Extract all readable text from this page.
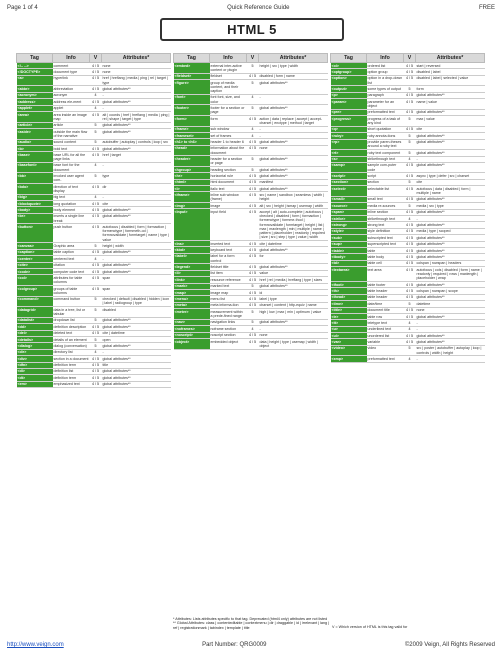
Page 1 of 4	Quick Reference Guide	FREE
HTML 5
Tag	Info	V	Attributes*
<!-- -->	comment	4 / 5	none
<!DOCTYPE>	document type	4 / 5	none
<a>	hyperlink	4 / 5	href | hreflang | media | ping | rel | target | type
<abbr>	abbreviation	4 / 5	global attributes**
<acronym>	acronym	4	-
<address>	address ele-ment	4 / 5	global attributes**
<applet>	applet	4	-
<area>	area inside an image map	4 / 5	alt | coords | href | hreflang | media | ping | rel | shape | target | type
<article>	article	5	global attributes**
<aside>	outside the main flow of the narrative	5	global attributes**
<audio>	sound content	5	autobuffer | autoplay | controls | loop | src
<b>	bold text	4 / 5	global attributes**
<base>	base URL for all the page links	4 / 5	href | target
<basefont>	base font for the document	4	-
<bb>	invoked user agent com-	5	type
<bdo>	direction of text display	4 / 5	dir
<big>	big text	4	-
<blockquote>	long quotation	4 / 5	cite
<body>	body element	4 / 5	global attributes**
<br>	inserts a single line break	4 / 5	global attributes**
<button>	push button	4 / 5	autofocus | disabled | form | formaction | formenctype | formmeth-od | formnovalidate | formtarget | name | type | value
<canvas>	Graphic area	5	height | width
<caption>	table caption	4 / 5	global attributes**
<center>	centered text	4	-
<cite>	citation	4 / 5	global attributes**
<code>	computer code text	4 / 5	global attributes**
<col>	attributes for table columns	4 / 5	span
<colgroup>	groups of table columns	4 / 5	span
<command>	command button	5	checked | default | disabled | hidden | icon | label | radiogroup | type
<datagrid>	data in a tree, list or tabular	5	disabled
<datalist>	dropdown list	5	global attributes**
<dd>	definition description	4 / 5	global attributes**
<del>	deleted text	4 / 5	cite | datetime
<details>	details of an element	5	open
<dialog>	dialog (conversation)	5	global attributes**
<dir>	directory list	4	-
<div>	section in a document	4 / 5	global attributes**
<dfn>	definition term	4 / 5	title
<dl>	definition list	4 / 5	global attributes**
<dt>	definition term	4 / 5	global attributes**
<em>	emphasized text	4 / 5	global attributes**
Tag	Info	V	Attributes*
<embed>	external inter-active content or plugin	5	height | src | type | width
<fieldset>	fieldset	4 / 5	disabled | form | name
<figure>	group of media content, and their caption	5	global attributes**
<font>	font font, size, and color	4	-
<footer>	footer for a section or page	5	global attributes**
<form>	form	4 / 5	action | data | replace | accept | accept-charset | enctype | method | target
<frame>	sub window	4	-
<frameset>	set of frames	4	-
<h1> to <h6>	header 1 to header 6	4 / 5	global attributes**
<head>	information about the document	4 / 5	none
<header>	header for a section or page	5	global attributes**
<hgroup>	heading section	5	global attributes**
<hr>	horizontal rule	4 / 5	global attributes**
<html>	html document	4 / 5	manifest
<i>	italic text	4 / 5	global attributes**
<iframe>	inline sub window (frame)	4 / 5	src | name | sandbox | seamless | width | height
<img>	image	4 / 5	alt | src | height | ismap | usemap | width
<input>	input field	4 / 5	accept | alt | auto-complete | autofocus | checked | disabled | form | formaction | formenctype | formme-thod | formnovalidate | formtarget | height | list | max | maxlength | min | multiple | name | pattern | placeholder | readonly | required | size | src | step | type | value | width
<ins>	inserted text	4 / 5	cite | datetime
<kbd>	keyboard text	4 / 5	global attributes**
<label>	label for a form control	4 / 5	for
<legend>	fieldset title	4 / 5	global attributes**
<li>	list item	4 / 5	value
<link>	resource reference	4 / 5	href | rel | media | hreflang | type | sizes
<mark>	marked text	5	global attributes**
<map>	image map	4 / 5	id
<menu>	menu list	4 / 5	label | type
<meta>	meta informa-tion	4 / 5	charset | content | http-equiv | name
<meter>	measurement within a prede-fined range	5	high | low | max | min | optimum | value
<nav>	navigation links	5	global attributes**
<noframes>	noframe section	4	-
<noscript>	noscript section	4 / 5	none
<object>	embedded object	4 / 5	data | height | type | usemap | width | object
Tag	Info	V	Attributes*
<ol>	ordered list	4 / 5	start | reversed
<optgroup>	option group	4 / 5	disabled | label
<option>	option in a drop-down list	4 / 5	disabled | label | selected | value
<output>	some types of output	5	form
<p>	paragraph	4 / 5	global attributes**
<param>	parameter for an object	4 / 5	name | value
<pre>	preformatted text	4 / 5	global attributes**
<progress>	progress of a task of any kind	5	max | value
<q>	short quotation	4 / 5	cite
<ruby>	ruby annota-tions	5	global attributes**
<rp>	provide paren-theses around a ruby text	5	global attributes**
<rt>	ruby text component	5	global attributes**
<s>	strikethrough text	4	-
<samp>	sample com-puter code	4 / 5	global attributes**
<script>	script	4 / 5	async | type | defer | src | charset
<section>	section	5	cite
<select>	selectable list	4 / 5	autofocus | data | disabled | form | multiple | name
<small>	small text	4 / 5	global attributes**
<source>	media re-sources	5	media | src | type
<span>	inline section	4 / 5	global attributes**
<strike>	strikethrough text	4	-
<strong>	strong text	4 / 5	global attributes**
<style>	style definition	4 / 5	media | type | scoped
<sub>	subscripted text	4 / 5	global attributes**
<sup>	superscripted text	4 / 5	global attributes**
<table>	table	4 / 5	global attributes**
<tbody>	table body	4 / 5	global attributes**
<td>	table cell	4 / 5	colspan | rowspan | headers
<textarea>	text area	4 / 5	autofocus | cols | disabled | form | name | readonly | required | rows | maxlength | placeholder | wrap
<tfoot>	table footer	4 / 5	global attributes**
<th>	table header	4 / 5	colspan | rowspan | scope
<thead>	table header	4 / 5	global attributes**
<time>	date/time	5	datetime
<title>	document title	4 / 5	none
<tr>	table row	4 / 5	global attributes**
<tt>	teletype text	4	-
<u>	underlined text	4	-
<ul>	unordered list	4 / 5	global attributes**
<var>	variable	4 / 5	global attributes**
<video>	video	5	src | poster | autobuffer | autoplay | loop | controls | width | height
<xmp>	preformatted text	4	-
* Attributes: Lists attributes specific to that tag. Deprecated (html4 only) attributes are not listed ** Global Attributes: class | contenteditable | contextmenu | dir | draggable | id | irrelevant | lang | ref | registrationmark | tabindex | template | title	V = Which version of HTML is this tag valid for
http://www.veign.com	Part Number: QRG0009	©2009 Veign, All Rights Reserved
